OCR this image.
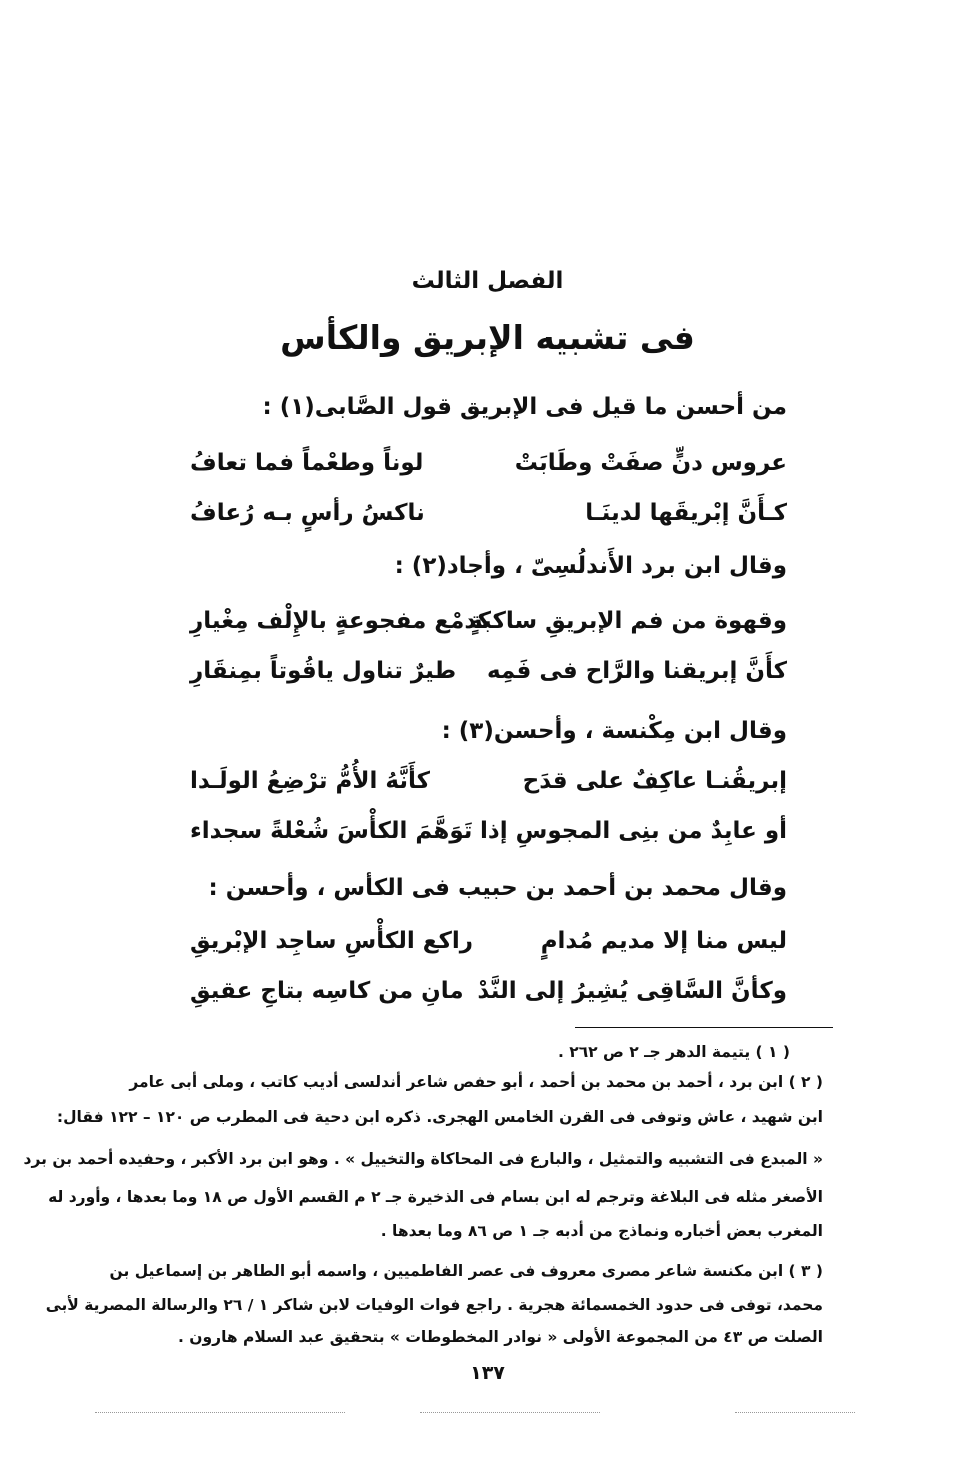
الفصل الثالث
فى تشبيه الإبريق والكأس
من أحسن ما قيل فى الإبريق قول الصَّابى(١) :
عروس دنٍّ صفَتْ وطَابَتْ
لوناً وطعْماً فما تعافُ
كـأَنَّ إبْريقَها لدينَـا
ناكسُ رأسٍ بـه رُعافُ
وقال ابن برد الأَندلُسِىّ ، وأجاد(٢) :
وقهوة من فم الإبريقِ ساكبةٍ
كدمْع مفجوعةٍ بالإِلْف مِغْيارِ
كأَنَّ إبريقنا والرَّاح فى فَمِه
طيرٌ تناول ياقُوتاً بمِنقَارِ
وقال ابن مِكْنسة ، وأحسن(٣) :
إبريقُنـا عاكِفٌ على قدَح
كأَنَّهُ الأُمُّ ترْضِعُ الولَـدا
أو عابِدٌ من بنِى المجوسِ إذا
تَوَهَّمَ الكأْسَ شُعْلةً سجداء
وقال محمد بن أحمد بن حبيب فى الكأس ، وأحسن :
ليس منا إلا مديم مُدامٍ
راكع الكأْسِ ساجِد الإبْريقِ
وكأنَّ السَّاقِى يُشِيرُ إلى النَّدْ
مانِ من كاسِه بتاجِ عقيقِ
( ١ ) يتيمة الدهر جـ ٢ ص ٢٦٢ .
( ٢ ) ابن برد ، أحمد بن محمد بن أحمد ، أبو حفص شاعر أندلسى أديب كاتب ، وملى أبى عامر
ابن شهيد ، عاش وتوفى فى القرن الخامس الهجرى. ذكره ابن دحية فى المطرب ص ١٢٠ – ١٢٢ فقال:
« المبدع فى التشبيه والتمثيل ، والبارع فى المحاكاة والتخييل » . وهو ابن برد الأكبر ، وحفيده أحمد بن برد
الأصغر مثله فى البلاغة وترجم له ابن بسام فى الذخيرة جـ ٢ م القسم الأول ص ١٨ وما بعدها ، وأورد له
المغرب بعض أخباره ونماذج من أدبه جـ ١ ص ٨٦ وما بعدها .
( ٣ ) ابن مكنسة شاعر مصرى معروف فى عصر الفاطميين ، واسمه أبو الطاهر بن إسماعيل بن
محمد، توفى فى حدود الخمسمائة هجرية . راجع فوات الوفيات لابن شاكر ١ / ٢٦ والرسالة المصرية لأبى
الصلت ص ٤٣ من المجموعة الأولى « نوادر المخطوطات » بتحقيق عبد السلام هارون .
١٣٧
